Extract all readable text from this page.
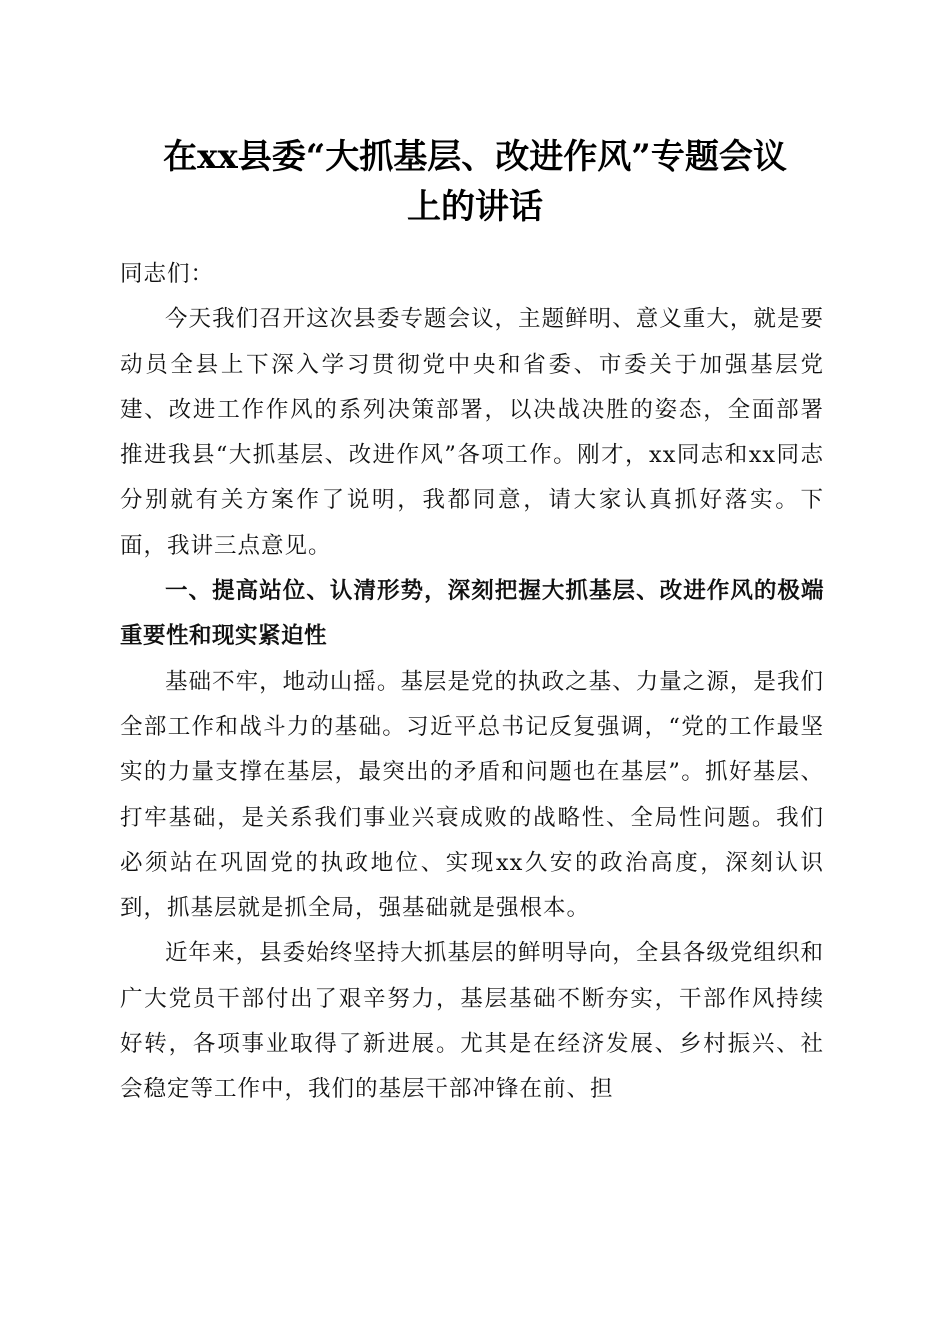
在xx县委“大抓基层、改进作风”专题会议
上的讲话

同志们：

今天我们召开这次县委专题会议，主题鲜明、意义重大，就是要动员全县上下深入学习贯彻党中央和省委、市委关于加强基层党建、改进工作作风的系列决策部署，以决战决胜的姿态，全面部署推进我县“大抓基层、改进作风”各项工作。刚才，xx同志和xx同志分别就有关方案作了说明，我都同意，请大家认真抓好落实。下面，我讲三点意见。

一、提高站位、认清形势，深刻把握大抓基层、改进作风的极端重要性和现实紧迫性

基础不牢，地动山摇。基层是党的执政之基、力量之源，是我们全部工作和战斗力的基础。习近平总书记反复强调，“党的工作最坚实的力量支撑在基层，最突出的矛盾和问题也在基层”。抓好基层、打牢基础，是关系我们事业兴衰成败的战略性、全局性问题。我们必须站在巩固党的执政地位、实现xx久安的政治高度，深刻认识到，抓基层就是抓全局，强基础就是强根本。

近年来，县委始终坚持大抓基层的鲜明导向，全县各级党组织和广大党员干部付出了艰辛努力，基层基础不断夯实，干部作风持续好转，各项事业取得了新进展。尤其是在经济发展、乡村振兴、社会稳定等工作中，我们的基层干部冲锋在前、担
